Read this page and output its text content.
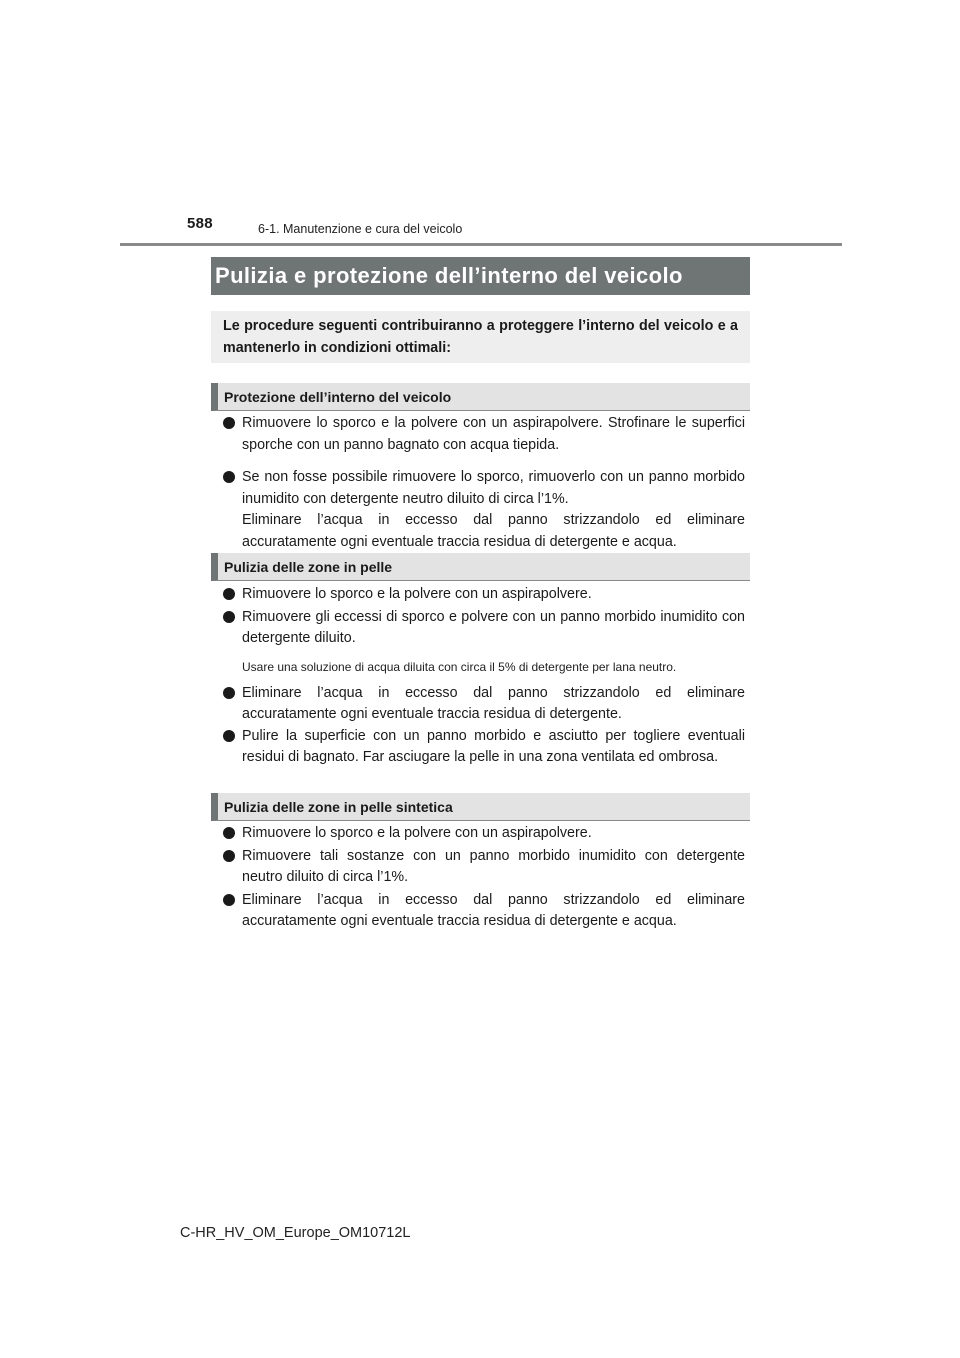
588	6-1. Manutenzione e cura del veicolo
Pulizia e protezione dell’interno del veicolo
Le procedure seguenti contribuiranno a proteggere l’interno del veicolo e a mantenerlo in condizioni ottimali:
Protezione dell’interno del veicolo

Rimuovere lo sporco e la polvere con un aspirapolvere. Strofinare le superfici sporche con un panno bagnato con acqua tiepida.

Se non fosse possibile rimuovere lo sporco, rimuoverlo con un panno morbido inumidito con detergente neutro diluito di circa l’1%.

Eliminare l’acqua in eccesso dal panno strizzandolo ed eliminare accuratamente ogni eventuale traccia residua di detergente e acqua.

Pulizia delle zone in pelle

Rimuovere lo sporco e la polvere con un aspirapolvere.

Rimuovere gli eccessi di sporco e polvere con un panno morbido inumidito con detergente diluito.

Usare una soluzione di acqua diluita con circa il 5% di detergente per lana neutro.

Eliminare l’acqua in eccesso dal panno strizzandolo ed eliminare accuratamente ogni eventuale traccia residua di detergente.

Pulire la superficie con un panno morbido e asciutto per togliere eventuali residui di bagnato. Far asciugare la pelle in una zona ventilata ed ombrosa.

Pulizia delle zone in pelle sintetica

Rimuovere lo sporco e la polvere con un aspirapolvere.

Rimuovere tali sostanze con un panno morbido inumidito con detergente neutro diluito di circa l’1%.

Eliminare l’acqua in eccesso dal panno strizzandolo ed eliminare accuratamente ogni eventuale traccia residua di detergente e acqua.

C-HR_HV_OM_Europe_OM10712L
